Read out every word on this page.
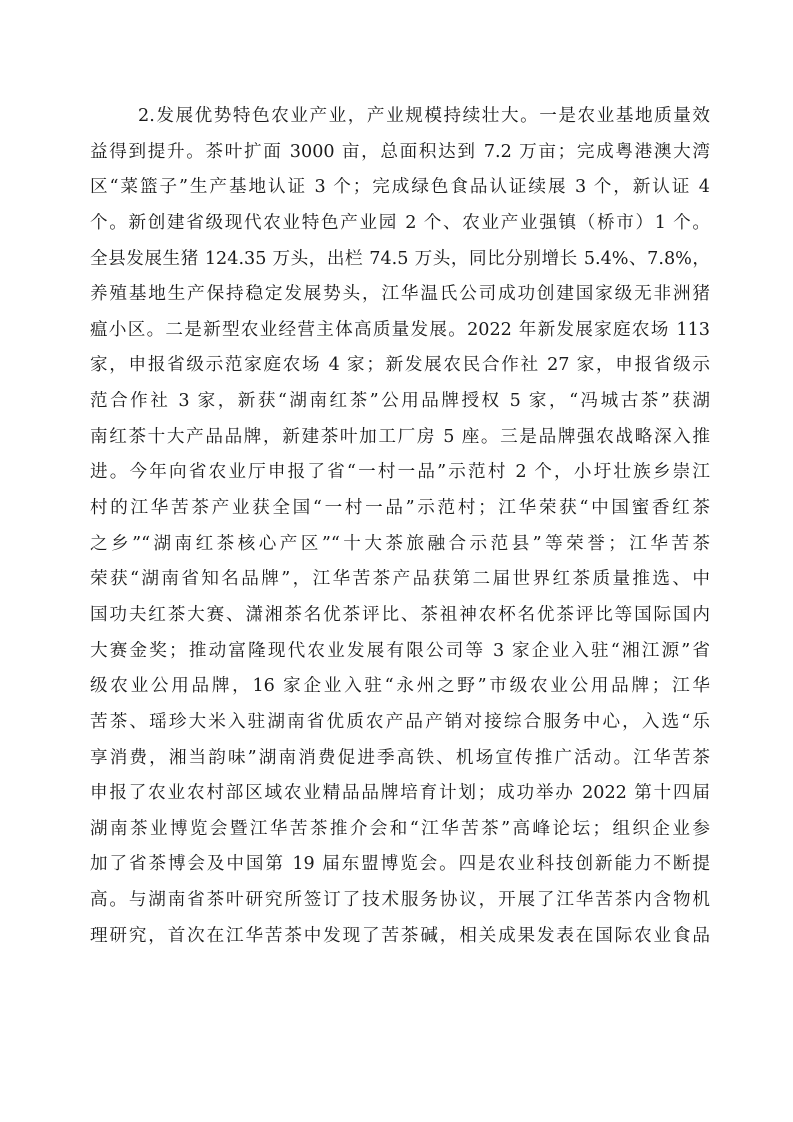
2.发展优势特色农业产业，产业规模持续壮大。一是农业基地质量效
益得到提升。茶叶扩面 3000 亩，总面积达到 7.2 万亩；完成粤港澳大湾
区“菜篮子”生产基地认证 3 个；完成绿色食品认证续展 3 个，新认证 4
个。新创建省级现代农业特色产业园 2 个、农业产业强镇（桥市）1 个。
全县发展生猪 124.35 万头，出栏 74.5 万头，同比分别增长 5.4%、7.8%，
养殖基地生产保持稳定发展势头，江华温氏公司成功创建国家级无非洲猪
瘟小区。二是新型农业经营主体高质量发展。2022 年新发展家庭农场 113
家，申报省级示范家庭农场 4 家；新发展农民合作社 27 家，申报省级示
范合作社 3 家，新获“湖南红茶”公用品牌授权 5 家，“冯城古茶”获湖
南红茶十大产品品牌，新建茶叶加工厂房 5 座。三是品牌强农战略深入推
进。今年向省农业厅申报了省“一村一品”示范村 2 个，小圩壮族乡崇江
村的江华苦茶产业获全国“一村一品”示范村；江华荣获“中国蜜香红茶
之乡”“湖南红茶核心产区”“十大茶旅融合示范县”等荣誉；江华苦茶
荣获“湖南省知名品牌”，江华苦茶产品获第二届世界红茶质量推选、中
国功夫红茶大赛、潇湘茶名优茶评比、茶祖神农杯名优茶评比等国际国内
大赛金奖；推动富隆现代农业发展有限公司等 3 家企业入驻“湘江源”省
级农业公用品牌，16 家企业入驻“永州之野”市级农业公用品牌；江华
苦茶、瑶珍大米入驻湖南省优质农产品产销对接综合服务中心，入选“乐
享消费，湘当韵味”湖南消费促进季高铁、机场宣传推广活动。江华苦茶
申报了农业农村部区域农业精品品牌培育计划；成功举办 2022 第十四届
湖南茶业博览会暨江华苦茶推介会和“江华苦茶”高峰论坛；组织企业参
加了省茶博会及中国第 19 届东盟博览会。四是农业科技创新能力不断提
高。与湖南省茶叶研究所签订了技术服务协议，开展了江华苦茶内含物机
理研究，首次在江华苦茶中发现了苦茶碱，相关成果发表在国际农业食品
